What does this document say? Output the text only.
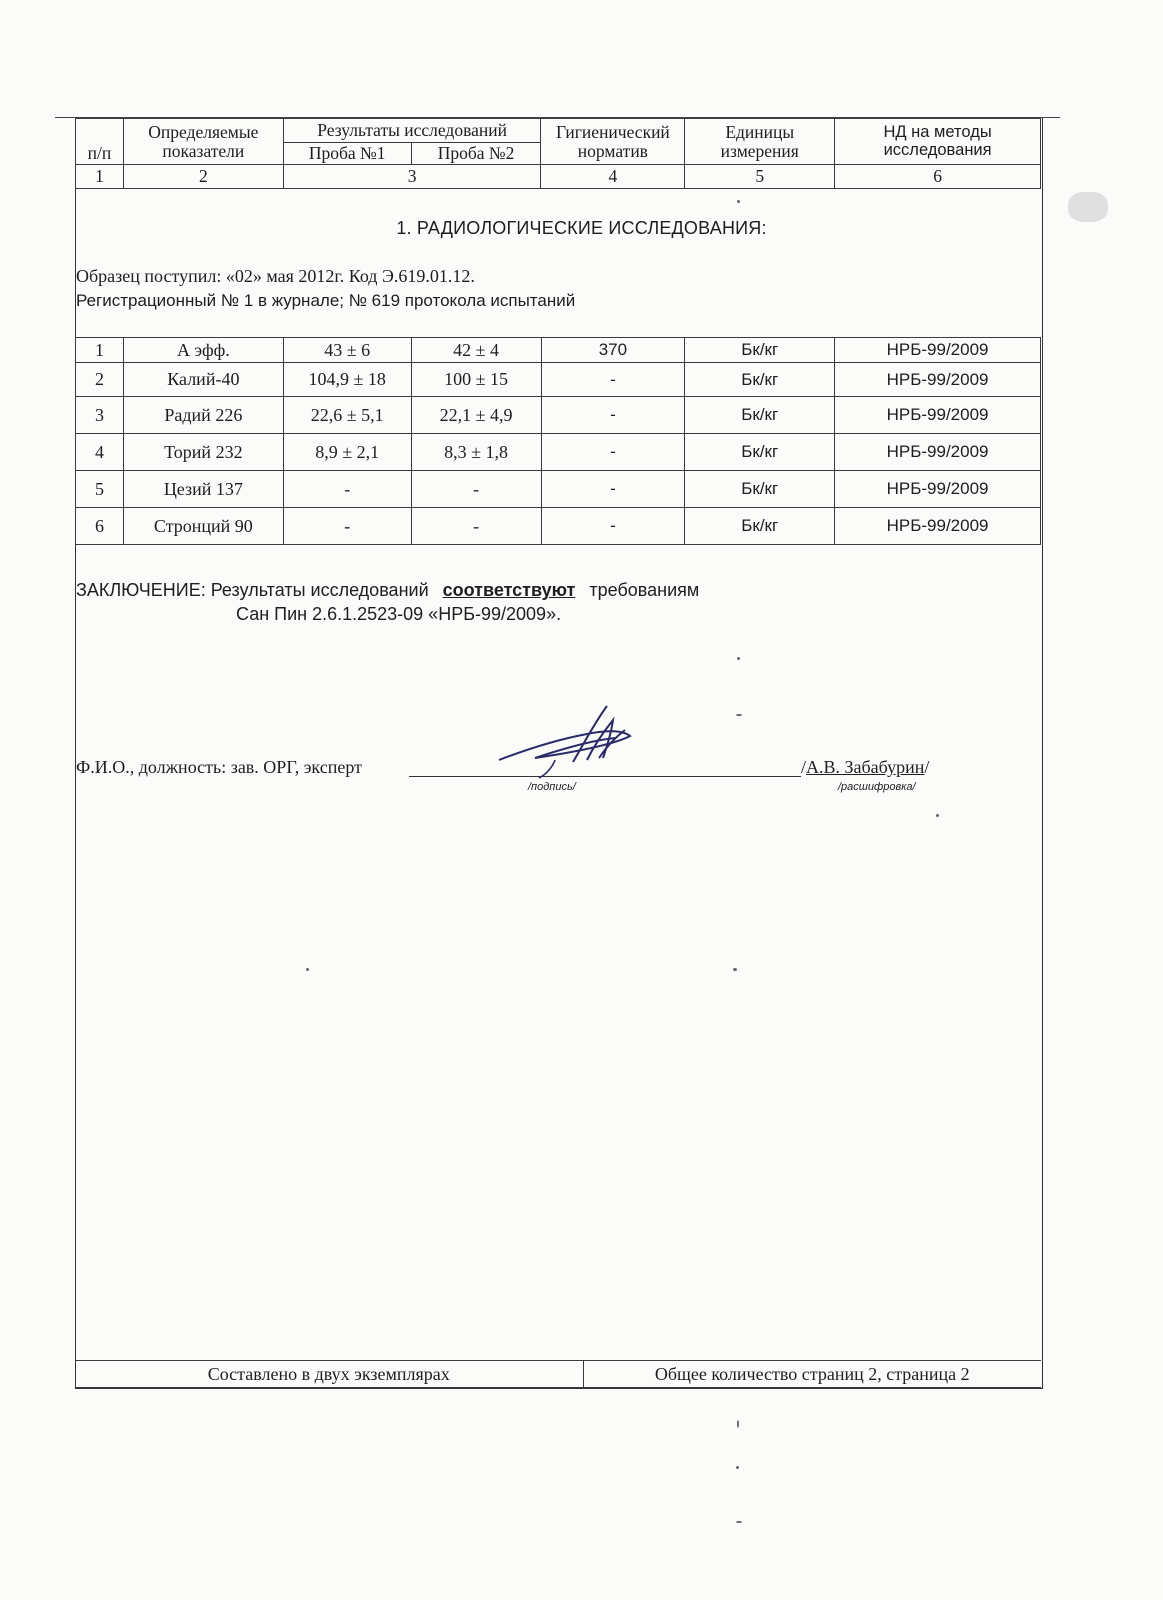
п/п	Определяемые показатели	Результаты исследований		Гигиенический норматив	Единицы измерения	НД на методы исследования
		Проба №1	Проба №2			
1	2	3		4	5	6
1. РАДИОЛОГИЧЕСКИЕ ИССЛЕДОВАНИЯ:
Образец поступил: «02» мая 2012г. Код Э.619.01.12.
Регистрационный № 1 в журнале; № 619 протокола испытаний
1	А эфф.	43 ± 6	42 ± 4	370	Бк/кг	НРБ-99/2009
2	Калий-40	104,9 ± 18	100 ± 15	-	Бк/кг	НРБ-99/2009
3	Радий 226	22,6 ± 5,1	22,1 ± 4,9	-	Бк/кг	НРБ-99/2009
4	Торий 232	8,9 ± 2,1	8,3 ± 1,8	-	Бк/кг	НРБ-99/2009
5	Цезий 137	-	-	-	Бк/кг	НРБ-99/2009
6	Стронций 90	-	-	-	Бк/кг	НРБ-99/2009
ЗАКЛЮЧЕНИЕ: Результаты исследований соответствуют требованиям
Сан Пин 2.6.1.2523-09 «НРБ-99/2009».
Ф.И.О., должность: зав. ОРГ, эксперт	/А.В. Забабурин/
/подпись/	/расшифровка/
Составлено в двух экземплярах	Общее количество страниц 2, страница 2
